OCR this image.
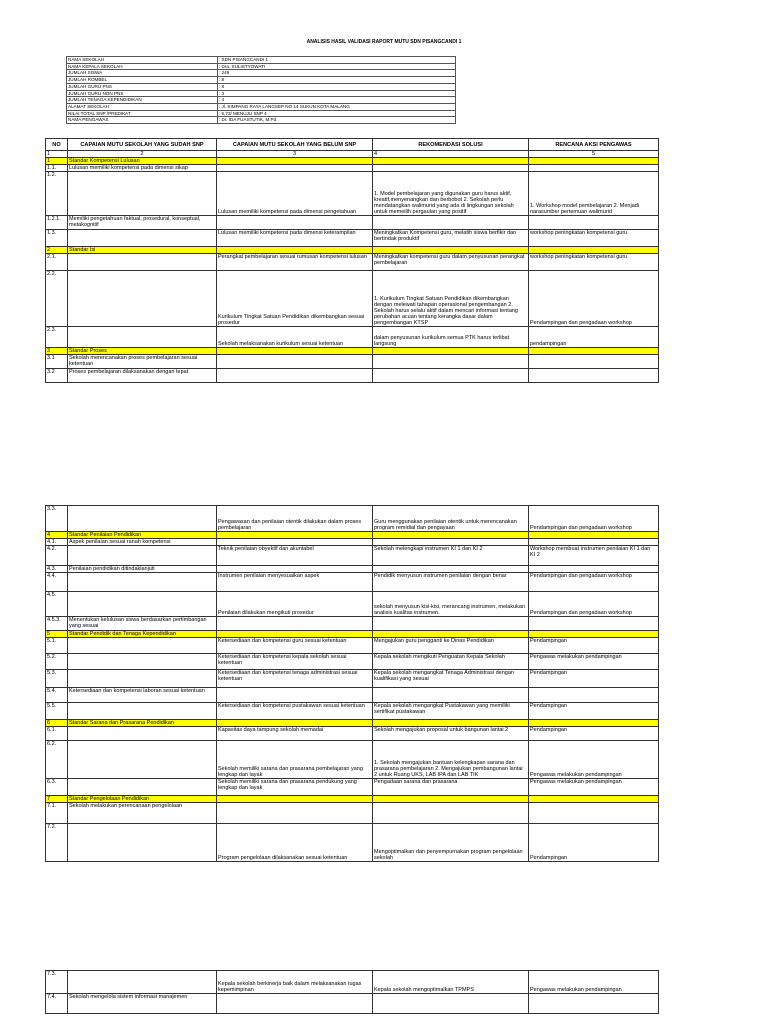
ANALISIS HASIL VALIDASI RAPORT MUTU SDN PISANGCANDI 1
NAMA SEKOLAH	: SDN PISANGCANDI 1
NAMA KEPALA SEKOLAH	: Dra. SULISTYOWATI
JUMLAH SISWA	: 249
JUMLAH ROMBEL	: 8
JUMLAH GURU PNS	: 8
JUMLAH GURU NON PNS	: 3
JUMLAH TENAGA KEPENDIDIKAN	: 4
ALAMAT SEKOLAH	: Jl. SIMPANG RAYA LANGSEP NO 14 SUKUN KOTA MALANG
NILAI TOTAL SNP /PREDIKAT	: 5,73/ MENUJU SNP 4
NAMA PENGAWAS	: Dr. IDA FUASTUTIK, M.Pd
NO	CAPAIAN MUTU SEKOLAH YANG SUDAH SNP	CAPAIAN MUTU SEKOLAH YANG BELUM SNP	REKOMENDASI SOLUSI	RENCANA AKSI PENGAWAS
1	2	3	4	5
1	Standar Kompetensi Lulusan			
1.1.	Lulusan memiliki kompetensi pada dimensi sikap			
1.2.		Lulusan memiliki kompetensi pada dimensi pengetahuan	1. Model pembelajaran yang digunakan guru harus aktif, kreatif,menyenangkan dan berbobot 2. Sekolah perlu mendatangkan walimurid yang ada di lingkungan sekolah untuk memeilih pergaulan yang positif	1. Workshop model pembelajaran 2. Menjadi narasumber pertemuan walimurid
1.2.1.	Memiliki pengetahuan faktual, prosedural, konseptual, metakognitif			
1.3.		Lulusan memiliki kompetensi pada dimensi keterampilan	Meningkatkan Kompetensi guru, melatih siswa berfikir dan bertindak produktif	workshop peningkatan kompetensi guru
2	Standar Isi			
2.1.		Perangkat pembelajaran sesuai rumusan kompetensi lulusan	Meningkatkan kompetensi guru dalam penyusunan perangkat pembelajaran	workshop peningkatan kompetensi guru
2.2.		Kurikulum Tingkat Satuan Pendidikan dikembangkan sesuai prosedur	1. Kurikulum Tingkat Satuan Pendidikan dikembangkan dengan melewati tahapan operasional pengembangan 2. Sekolah harus selalu aktif dalam mencari informasi tentang perubahan acuan tentang kerangka dasar dalam pengembangan KTSP	Pendampingan dan pengadaan workshop
2.3.		Sekolah melaksanakan kurikulum sesuai ketentuan	dalam penyusunan kurikulum semua PTK harus terlibat langsung	pendampingan
3	Standar Proses			
3.1	Sekolah merencanakan proses pembelajaran sesuai ketentuan			
3.2	Proses pembelajaran dilaksanakan dengan tepat			
3.3.		Pengawasan dan penilaian otentik dilakukan dalam proses pembelajaran	Guru menggunakan penilaian otentik untuk merencanakan program remidial dan pengayaan	Pendampingan dan pengadaan workshop
4	Standar Penilaian Pendidikan			
4.1.	Aspek penilaian sesuai ranah kompetensi			
4.2.		Teknik penilaian obyektif dan akuntabel	Sekolah melengkapi instrumen KI 1 dan KI 2	Workshop membuat instrumen penilaian KI 1 dan KI 2
4.3.	Penilaian pendidikan ditindaklanjuti			
4.4.		Instrumen penilaian menyesuaikan aspek	Pendidik menyusun instrumen penilaian dengan benar	Pendampingan dan pengadaan workshop
4.5.		Penilaian dilakukan mengikuti prosedur	sekolah menyusun kisi-kisi, merancang instrumen, melakukan analisis kualitas instrumen.	Pendampingan dan pengadaan workshop
4.5.3.	Menentukan kelulusan siswa berdasarkan pertimbangan yang sesuai			
5	Standar Pendidik dan Tenaga Kependidikan			
5.1.		Ketersediaan dan kompetensi guru sesuai ketentuan	Mengajukan guru pengganti ke Dinas Pendidikan	Pendampingan
5.2.		Ketersediaan dan kompetensi kepala sekolah sesuai ketentuan	Kepala sekolah mengikuti Penguatan Kepala Sekolah	Pengawas melakukan pendampingan
5.3.		Ketersediaan dan kompetensi tenaga administrasi sesuai ketentuan	Kepala sekolah mengangkat Tenaga Administrasi dengan kualifikasi yang sesuai	Pendampingan
5.4.	Ketersediaan dan kompetensi laboran sesuai ketentuan			
5.5.		Ketersediaan dan kompetensi pustakawan sesuai ketentuan	Kepala sekolah mengangkat Pustakawan yang memiliki sertifikat pustakawan	Pendampingan
6	Standar Sarana dan Prasarana Pendidikan			
6.1.		Kapasitas daya tampung sekolah memadai	Sekolah mengajukan proposal untuk bangunan lantai 2	Pendampingan
6.2.		Sekolah memiliki sarana dan prasarana pembelajaran yang lengkap dan layak	1. Sekolah mengajukan bantuan kelengkapan sarana dan prasarana pembelajaran 2. Mengajukan pembangunan lantai 2 untuk Ruang UKS, LAB IPA dan LAB TIK	Pengawas melakukan pendampingan
6.3.		Sekolah memiliki sarana dan prasarana pendukung yang lengkap dan layak	Pengadaan sarana dan prasarana	Pengawas melakukan pendampingan
7	Standar Pengelolaan Pendidikan			
7.1.	Sekolah melakukan perencanaan pengelolaan			
7.2.		Program pengelolaan dilaksanakan sesuai ketentuan	Mengoptimalkan dan penyempurnakan program pengelolaan sekolah	Pendampingan
7.3.		Kepala sekolah berkinerja baik dalam melaksanakan tugas kepemimpinan	Kepala sekolah mengoptimalkan TPMPS	Pengawas melakukan pendampingan
7.4.	Sekolah mengelola sistem informasi manajemen			
